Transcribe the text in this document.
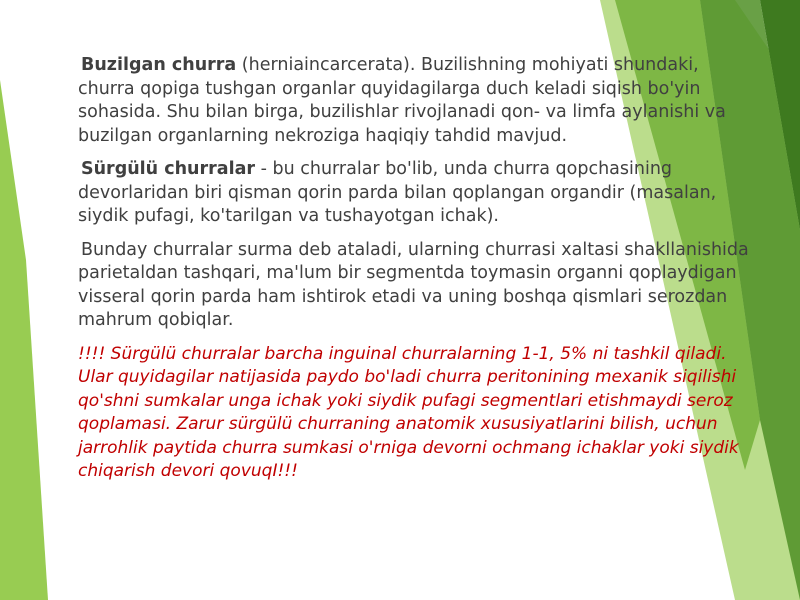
Buzilgan churra (herniaincarcerata). Buzilishning mohiyati shundaki, churra qopiga tushgan organlar quyidagilarga duch keladi siqish bo'yin sohasida. Shu bilan birga, buzilishlar rivojlanadi qon- va limfa aylanishi va buzilgan organlarning nekroziga haqiqiy tahdid mavjud.

Sürgülü churralar - bu churralar bo'lib, unda churra qopchasining devorlaridan biri qisman qorin parda bilan qoplangan organdir (masalan, siydik pufagi, ko'tarilgan va tushayotgan ichak).

Bunday churralar surma deb ataladi, ularning churrasi xaltasi shakllanishida parietaldan tashqari, ma'lum bir segmentda toymasin organni qoplaydigan visseral qorin parda ham ishtirok etadi va uning boshqa qismlari serozdan mahrum qobiqlar.

!!!! Sürgülü churralar barcha inguinal churralarning 1-1, 5% ni tashkil qiladi. Ular quyidagilar natijasida paydo bo'ladi churra peritonining mexanik siqilishi qo'shni sumkalar unga ichak yoki siydik pufagi segmentlari etishmaydi seroz qoplamasi. Zarur sürgülü churraning anatomik xususiyatlarini bilish, uchun jarrohlik paytida churra sumkasi o'rniga devorni ochmang ichaklar yoki siydik chiqarish devori qovuqI!!!
